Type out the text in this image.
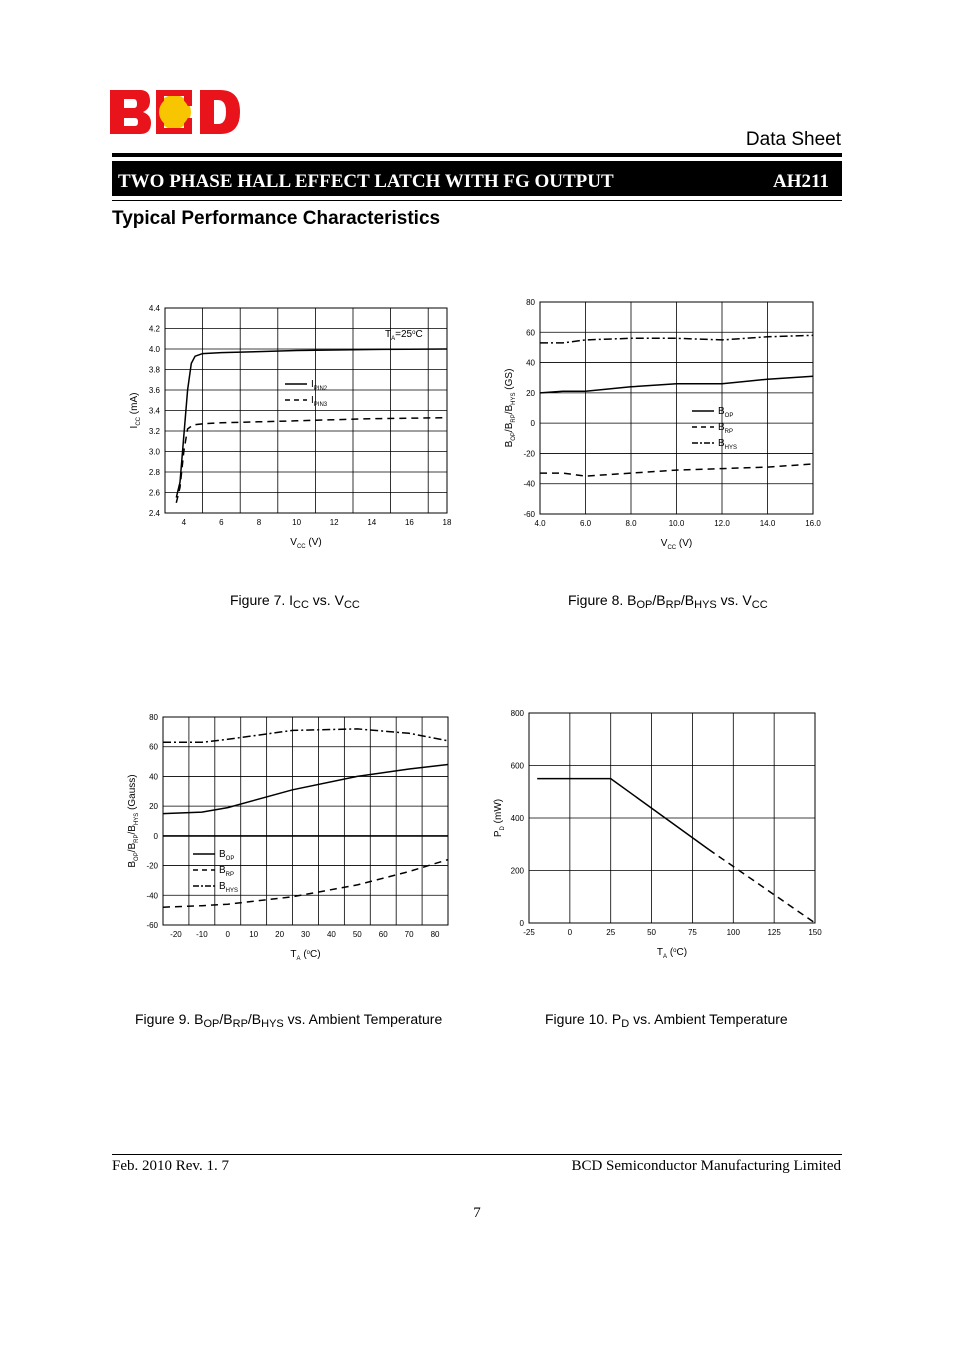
Data Sheet
TWO PHASE HALL EFFECT LATCH WITH FG OUTPUT	AH211
Typical Performance Characteristics
4	6	8	10	12	14	16	18
2.4
2.6
2.8
3.0
3.2
3.4
3.6
3.8
4.0
4.2
4.4
$V_{CC}$ (V)
$I_{CC}$ (mA)
$I_{PIN2}$
$I_{PIN3}$
$T_A=25^oC$
4.0	6.0	8.0	10.0	12.0	14.0	16.0
-60
-40
-20
0
20
40
60
80
$V_{CC}$ (V)
$B_{OP}/B_{RP}/B_{HYS}$ (GS)
$B_{OP}$
$B_{RP}$
$B_{HYS}$
-20 -10 0 10 20 30 40 50 60 70 80
-60
-40
-20
0
20
40
60
80
$T_A$ ($^o$C)
$B_{OP}/B_{RP}/B_{HYS}$ (Gauss)
$B_{OP}$
$B_{RP}$
$B_{HYS}$
-25	0	25	50	75	100	125	150
0
200
400
600
800
$T_A$ ($^o$C)
$P_D$ (mW)
Figure 7. $I_{CC}$ vs. $V_{CC}$	Figure 8. $B_{OP}/B_{RP}/B_{HYS}$ vs. $V_{CC}$
Figure 9. $B_{OP}/B_{RP}/B_{HYS}$ vs. Ambient Temperature	Figure 10. $P_D$ vs. Ambient Temperature
Feb. 2010 Rev. 1. 7	BCD Semiconductor Manufacturing Limited
7
